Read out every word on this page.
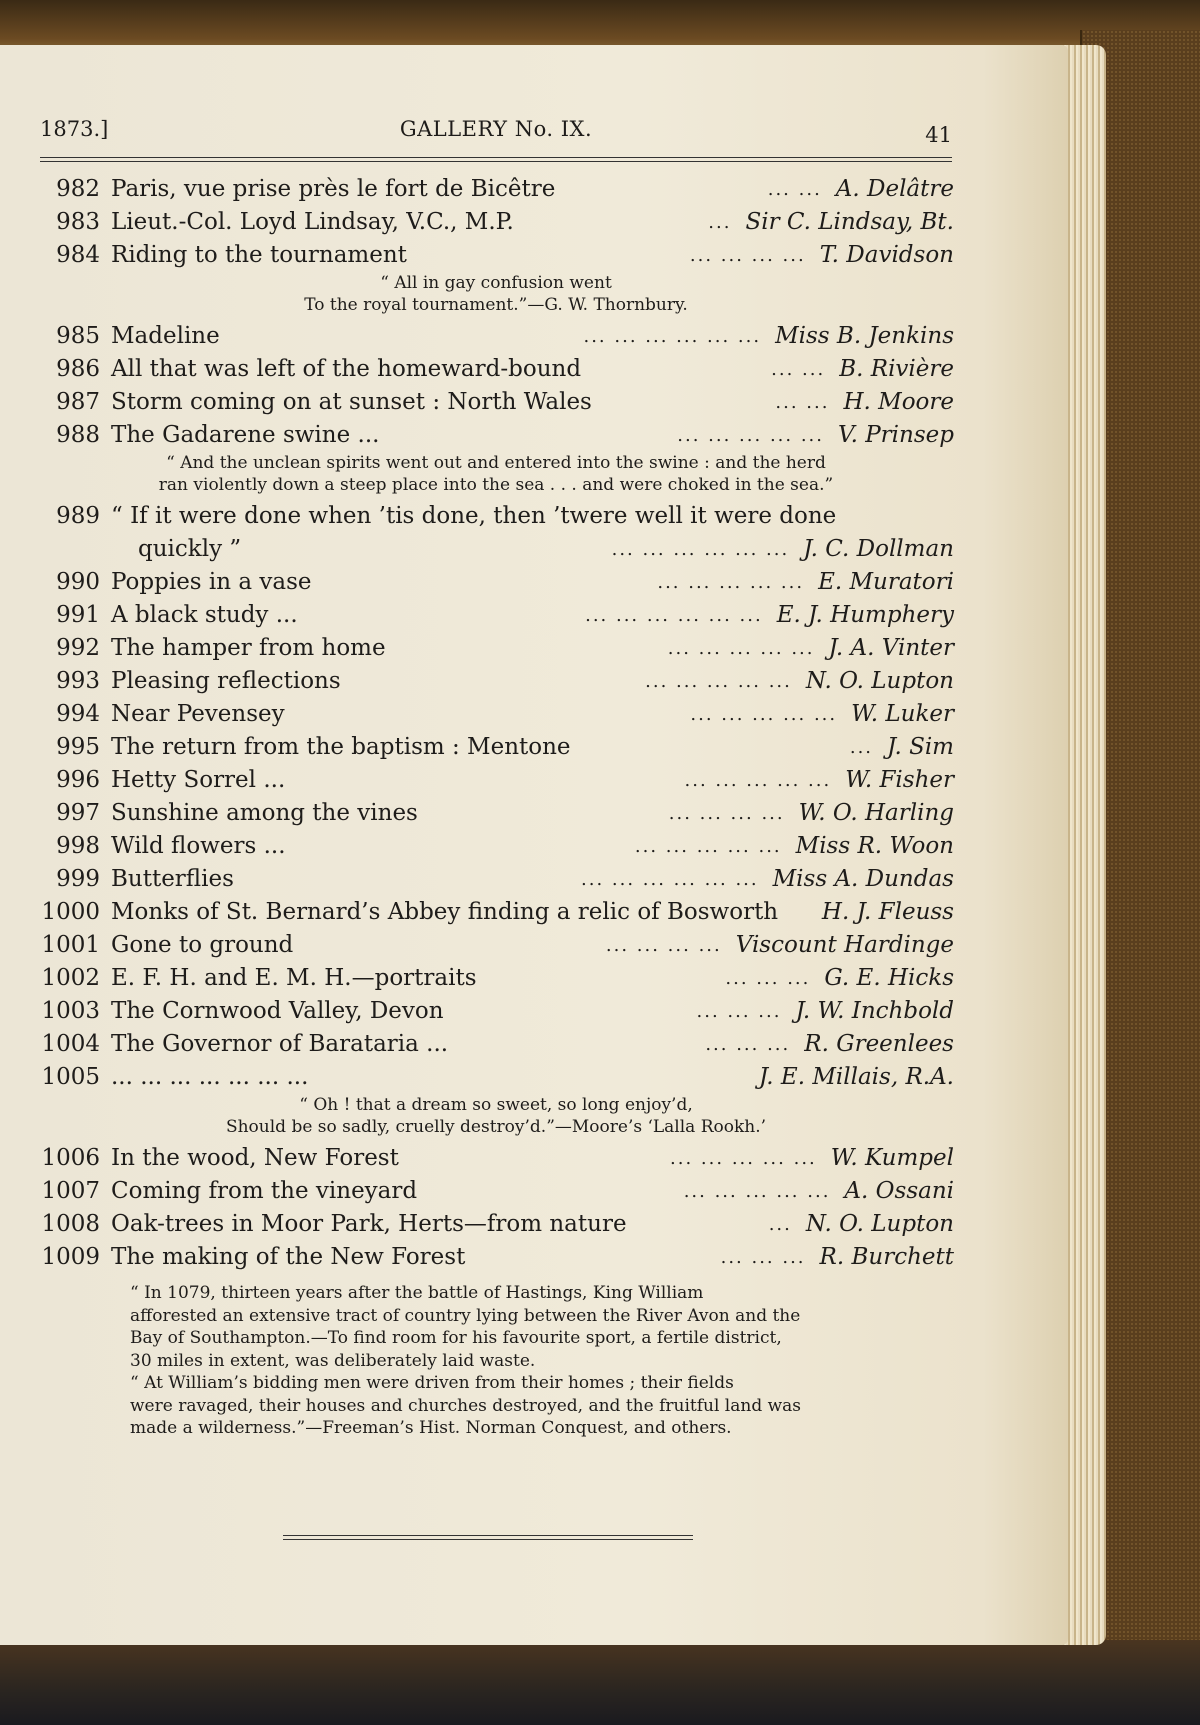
1873.]	GALLERY No. IX.	41
982 Paris, vue prise près le fort de Bicêtre	... ... A. Delâtre
983 Lieut.-Col. Loyd Lindsay, V.C., M.P.	... Sir C. Lindsay, Bt.
984 Riding to the tournament	... ... ... ... T. Davidson
“ All in gay confusion went
To the royal tournament.”—G. W. Thornbury.
985 Madeline	... ... ... ... ... ... Miss B. Jenkins
986 All that was left of the homeward-bound	... ... B. Rivière
987 Storm coming on at sunset : North Wales	... ... H. Moore
988 The Gadarene swine ...	... ... ... ... ... V. Prinsep
“ And the unclean spirits went out and entered into the swine : and the herd
ran violently down a steep place into the sea . . . and were choked in the sea.”
989 “ If it were done when ’tis done, then ’twere well it were done
quickly ”	... ... ... ... ... ... J. C. Dollman
990 Poppies in a vase	... ... ... ... ... E. Muratori
991 A black study ...	... ... ... ... ... ... E. J. Humphery
992 The hamper from home	... ... ... ... ... J. A. Vinter
993 Pleasing reflections	... ... ... ... ... N. O. Lupton
994 Near Pevensey	... ... ... ... ... W. Luker
995 The return from the baptism : Mentone	... J. Sim
996 Hetty Sorrel ...	... ... ... ... ... W. Fisher
997 Sunshine among the vines	... ... ... ... W. O. Harling
998 Wild flowers ...	... ... ... ... ... Miss R. Woon
999 Butterflies	... ... ... ... ... ... Miss A. Dundas
1000 Monks of St. Bernard’s Abbey finding a relic of Bosworth H. J. Fleuss
1001 Gone to ground	... ... ... ... Viscount Hardinge
1002 E. F. H. and E. M. H.—portraits	... ... ... G. E. Hicks
1003 The Cornwood Valley, Devon	... ... ... J. W. Inchbold
1004 The Governor of Barataria ...	... ... ... R. Greenlees
1005 ... ... ... ... ... ... ...	J. E. Millais, R.A.
“ Oh ! that a dream so sweet, so long enjoy’d,
Should be so sadly, cruelly destroy’d.”—Moore’s ‘Lalla Rookh.’
1006 In the wood, New Forest	... ... ... ... ... W. Kumpel
1007 Coming from the vineyard	... ... ... ... ... A. Ossani
1008 Oak-trees in Moor Park, Herts—from nature	... N. O. Lupton
1009 The making of the New Forest	... ... ... R. Burchett
“ In 1079, thirteen years after the battle of Hastings, King William
afforested an extensive tract of country lying between the River Avon and the
Bay of Southampton.—To find room for his favourite sport, a fertile district,
30 miles in extent, was deliberately laid waste.
“ At William’s bidding men were driven from their homes ; their fields
were ravaged, their houses and churches destroyed, and the fruitful land was
made a wilderness.”—Freeman’s Hist. Norman Conquest, and others.
